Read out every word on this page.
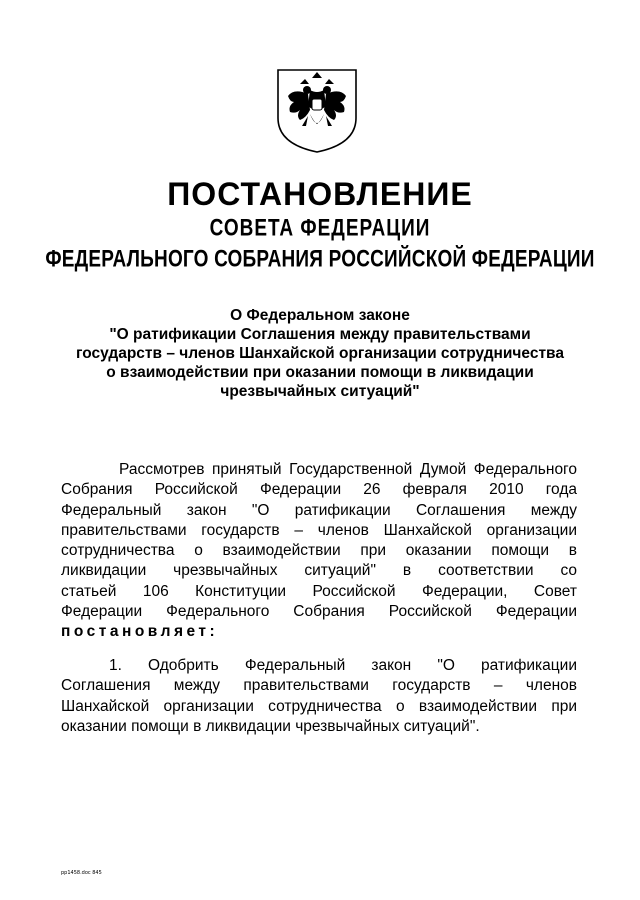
ПОСТАНОВЛЕНИЕ
СОВЕТА ФЕДЕРАЦИИ
ФЕДЕРАЛЬНОГО СОБРАНИЯ РОССИЙСКОЙ ФЕДЕРАЦИИ
О Федеральном законе
"О ратификации Соглашения между правительствами
государств – членов Шанхайской организации сотрудничества
о взаимодействии при оказании помощи в ликвидации
чрезвычайных ситуаций"
Рассмотрев принятый Государственной Думой Федерального
Собрания Российской Федерации 26 февраля 2010 года
Федеральный закон "О ратификации Соглашения между
правительствами государств – членов Шанхайской организации
сотрудничества о взаимодействии при оказании помощи в
ликвидации чрезвычайных ситуаций" в соответствии со
статьей 106 Конституции Российской Федерации, Совет
Федерации Федерального Собрания Российской Федерации
постановляет:
1. Одобрить Федеральный закон "О ратификации
Соглашения между правительствами государств – членов
Шанхайской организации сотрудничества о взаимодействии при
оказании помощи в ликвидации чрезвычайных ситуаций".
pp1458.doc 845
